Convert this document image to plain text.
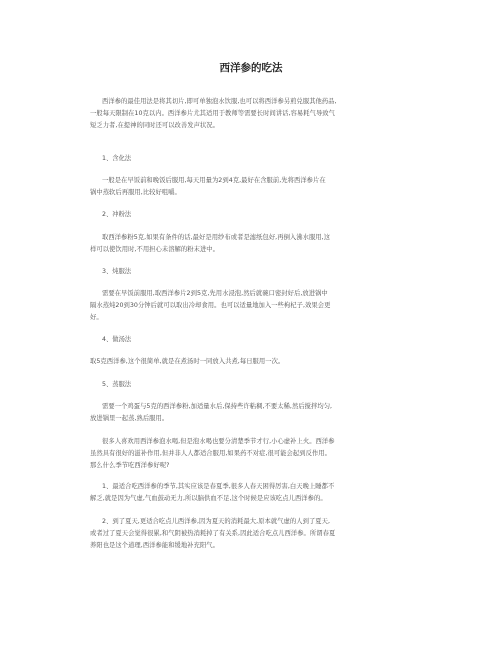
西洋参的吃法
西洋参的最佳用法是将其切片,即可单独泡水饮服,也可以将西洋参另煎兑服其他药品,
一般每天限制在10克以内。西洋参片尤其适用于教师等需要长时间讲话,容易耗气导致气
短乏力者,在提神的同时还可以改善发声状况。
1、含化法
一般是在早饭前和晚饭后服用,每天用量为2到4克,最好在含服前,先将西洋参片在
锅中蒸软后再服用,比较好咀嚼。
2、冲粉法
取西洋参粉5克,如果有条件的话,最好是用纱布或者是滤纸包好,再倒入沸水服用,这
样可以使饮用时,不用担心未溶解的粉末进中。
3、炖服法
需要在早饭前服用,取西洋参片2到5克,先用水浸泡,然后就碗口密封好后,放进锅中
隔水蒸炖20到30分钟后就可以取出冷却食用。也可以适量地加入一些枸杞子,效果会更
好。
4、做汤法
取5克西洋参,这个很简单,就是在煮汤时一同放入共煮,每日服用一次。
5、蒸服法
需要一个鸡蛋与5克的西洋参粉,加适量水后,保持些许粘稠,不要太稀,然后搅拌均匀,
放进锅里一起蒸,熟后服用。
很多人喜欢用西洋参泡水喝,但是泡水喝也要分清楚季节才行,小心虚补上火。西洋参
虽然具有很好的滋补作用,但并非人人都适合服用,如果药不对症,很可能会起到反作用。
那么什么季节吃西洋参好呢?
1、最适合吃西洋参的季节,其实应该是春夏季,很多人春天困得厉害,白天晚上睡都不
解乏,就是因为气虚,气血鼓动无力,所以脑供血不足,这个时候是应该吃点儿西洋参的。
2、到了夏天,更适合吃点儿西洋参,因为夏天的消耗最大,原本就气虚的人到了夏天,
或者过了夏天会觉得很累,和气阴被热消耗掉了有关系,因此适合吃点儿西洋参。所谓春夏
养阳也是这个道理,西洋参能和缓地补充阳气。
